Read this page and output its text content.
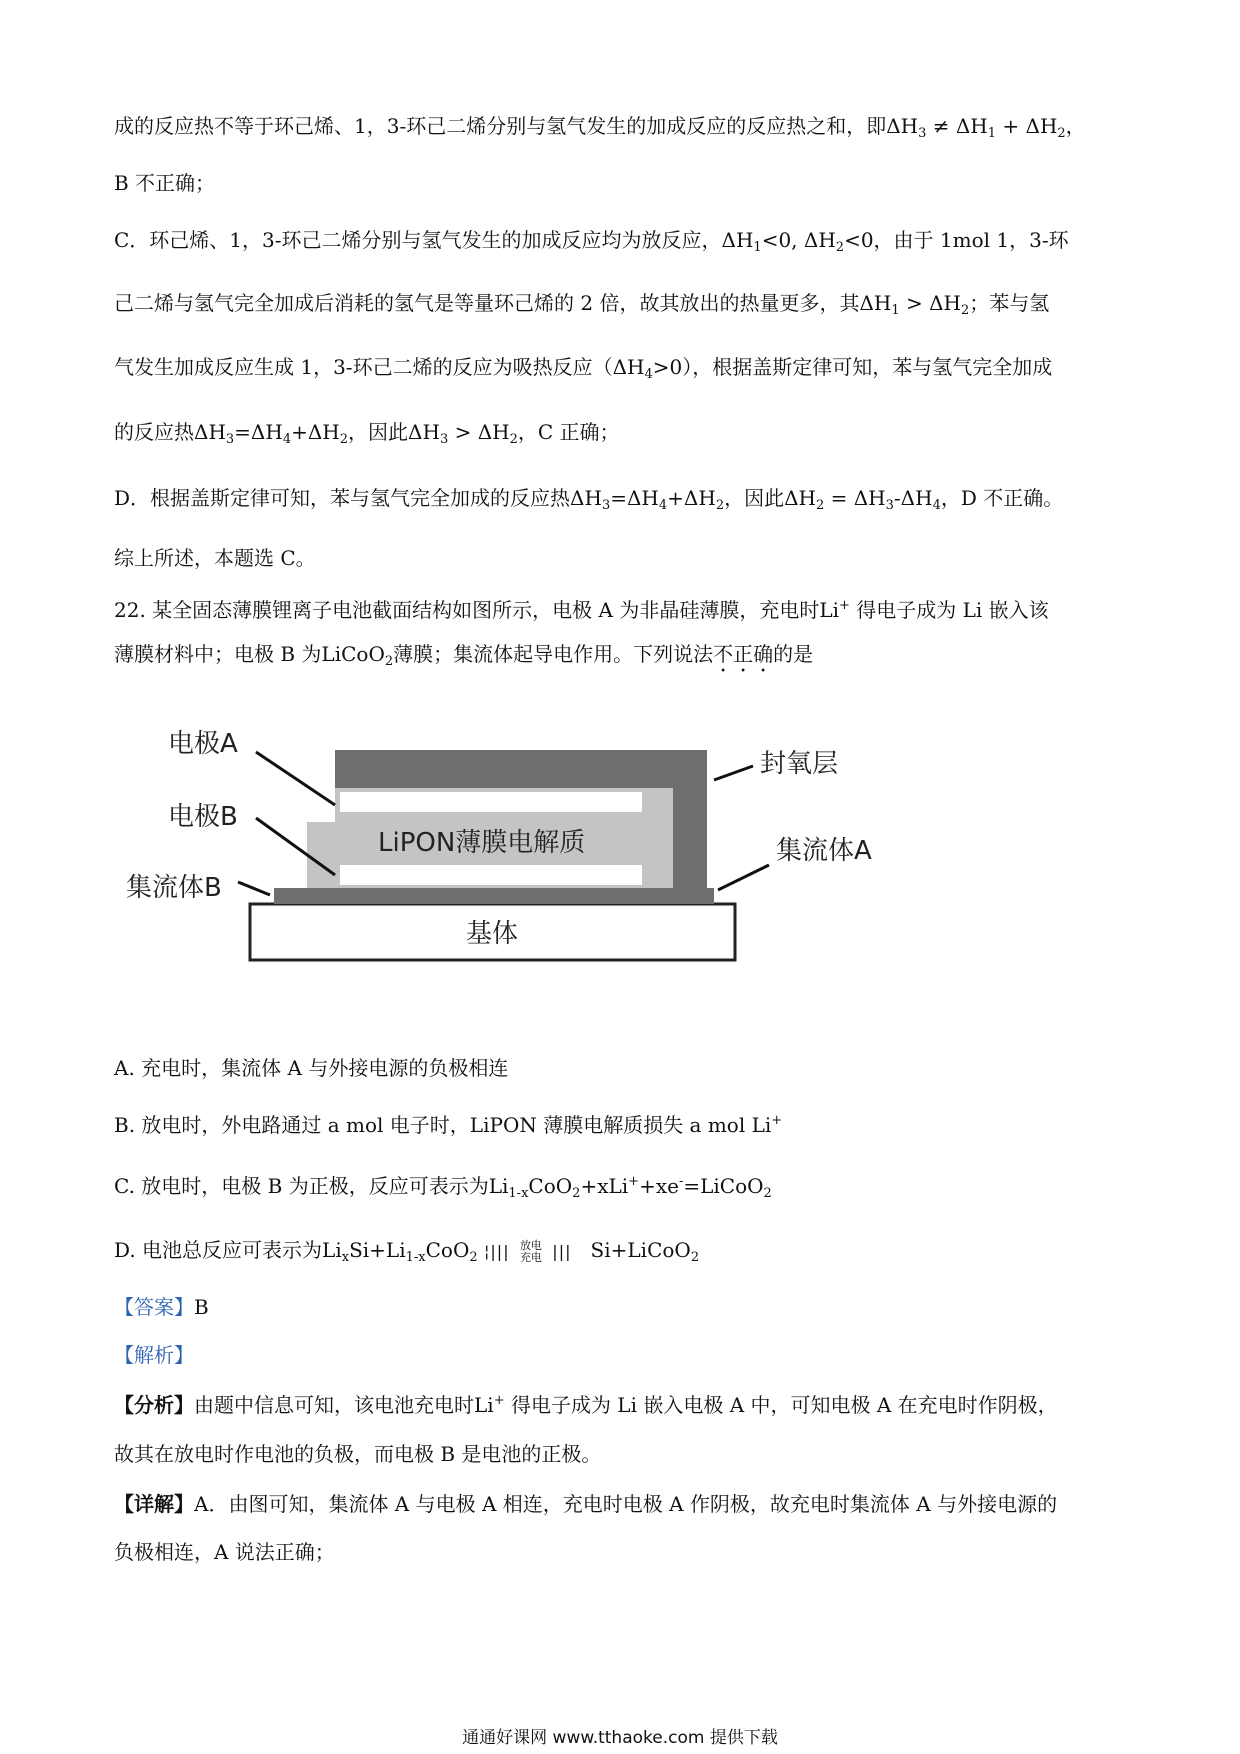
成的反应热不等于环己烯、1，3-环己二烯分别与氢气发生的加成反应的反应热之和，即$\Delta H_3 \ne \Delta H_1 + \Delta H_2$，
B 不正确；
C．环己烯、1，3-环己二烯分别与氢气发生的加成反应均为放反应，$\Delta H_1<0$, $\Delta H_2<0$，由于 1mol 1，3-环
己二烯与氢气完全加成后消耗的氢气是等量环己烯的 2 倍，故其放出的热量更多，其$\Delta H_1 > \Delta H_2$；苯与氢
气发生加成反应生成 1，3-环己二烯的反应为吸热反应$(\Delta H_4>0)$，根据盖斯定律可知，苯与氢气完全加成
的反应热$\Delta H_3=\Delta H_4+\Delta H_2$，因此$\Delta H_3 > \Delta H_2$，C 正确；
D．根据盖斯定律可知，苯与氢气完全加成的反应热$\Delta H_3=\Delta H_4+\Delta H_2$，因此$\Delta H_2 = \Delta H_3-\Delta H_4$，D 不正确。
综上所述，本题选 C。
22. 某全固态薄膜锂离子电池截面结构如图所示，电极 A 为非晶硅薄膜，充电时Li+ 得电子成为 Li 嵌入该
薄膜材料中；电极 B 为LiCoO$_2$薄膜；集流体起导电作用。下列说法不正确的是
电极A
电极B
集流体B
封氧层
集流体A
LiPON薄膜电解质
基体
A. 充电时，集流体 A 与外接电源的负极相连
B. 放电时，外电路通过 a mol 电子时，LiPON 薄膜电解质损失 a mol Li+
C. 放电时，电极 B 为正极，反应可表示为$Li_{1-x}CoO_2+xLi^++xe^-=LiCoO_2$
D. 电池总反应可表示为$Li_xSi+Li_{1-x}CoO_2$ ¦||| 放电
充电 |||   Si+LiCoO$_2$
【答案】B
【解析】
【分析】由题中信息可知，该电池充电时Li+ 得电子成为 Li 嵌入电极 A 中，可知电极 A 在充电时作阴极，
故其在放电时作电池的负极，而电极 B 是电池的正极。
【详解】A．由图可知，集流体 A 与电极 A 相连，充电时电极 A 作阴极，故充电时集流体 A 与外接电源的
负极相连，A 说法正确；
通通好课网 www.tthaoke.com 提供下载
